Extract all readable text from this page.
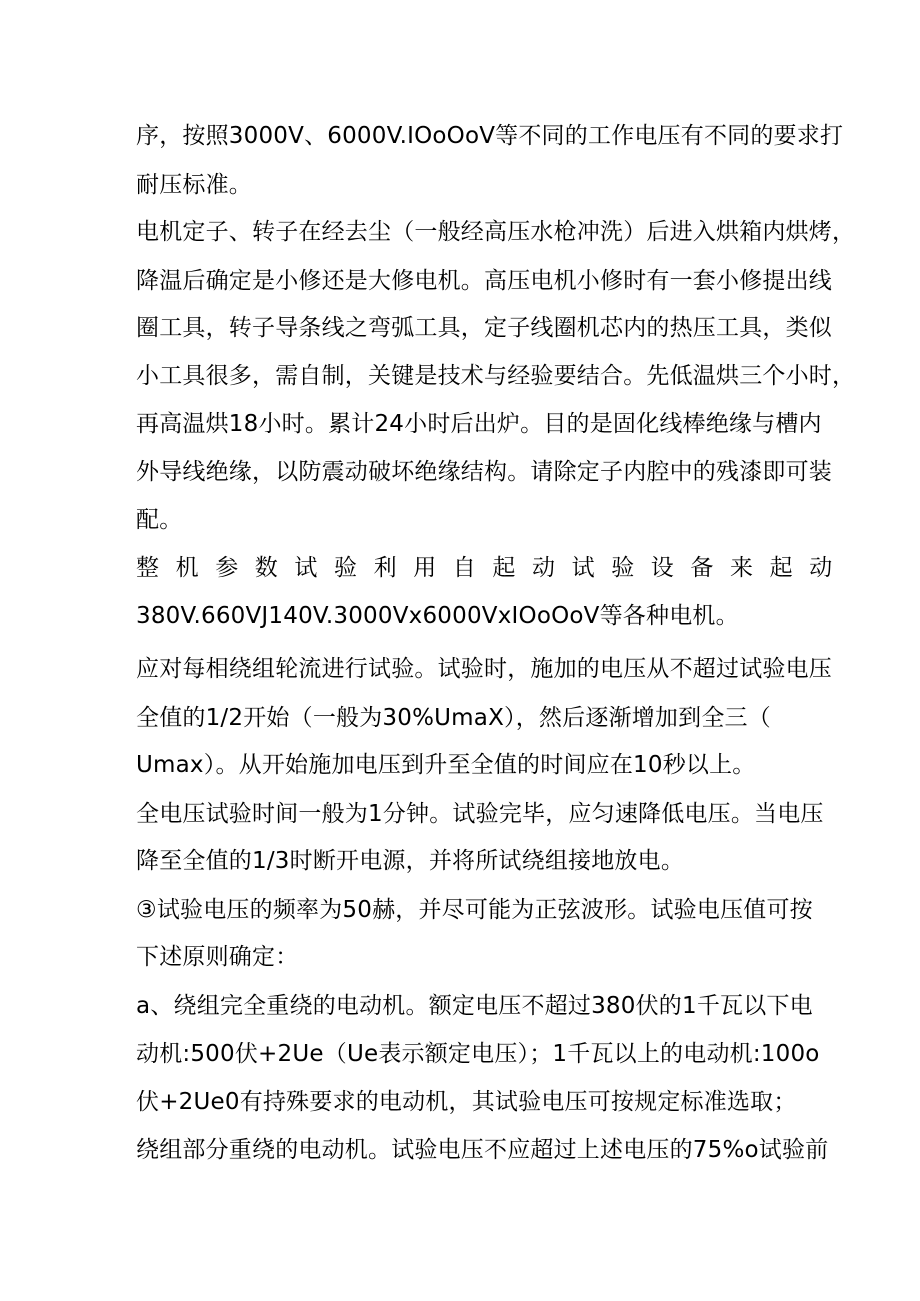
序，按照3000V、6000V.IOoOoV等不同的工作电压有不同的要求打
耐压标准。
电机定子、转子在经去尘（一般经高压水枪冲洗）后进入烘箱内烘烤，
降温后确定是小修还是大修电机。高压电机小修时有一套小修提出线
圈工具，转子导条线之弯弧工具，定子线圈机芯内的热压工具，类似
小工具很多，需自制，关键是技术与经验要结合。先低温烘三个小时，
再高温烘18小时。累计24小时后出炉。目的是固化线棒绝缘与槽内
外导线绝缘，以防震动破坏绝缘结构。请除定子内腔中的残漆即可装
配。
整机参数试验利用自起动试验设备来起动
380V.660VJ140V.3000Vx6000VxIOoOoV等各种电机。
应对每相绕组轮流进行试验。试验时，施加的电压从不超过试验电压
全值的1/2开始（一般为30%UmaX），然后逐渐增加到全三（
Umax）。从开始施加电压到升至全值的时间应在10秒以上。
全电压试验时间一般为1分钟。试验完毕，应匀速降低电压。当电压
降至全值的1/3时断开电源，并将所试绕组接地放电。
③试验电压的频率为50赫，并尽可能为正弦波形。试验电压值可按
下述原则确定：
a、绕组完全重绕的电动机。额定电压不超过380伏的1千瓦以下电
动机:500伏+2Ue（Ue表示额定电压）；1千瓦以上的电动机:100o
伏+2Ue0有持殊要求的电动机，其试验电压可按规定标准选取；
绕组部分重绕的电动机。试验电压不应超过上述电压的75%o试验前
